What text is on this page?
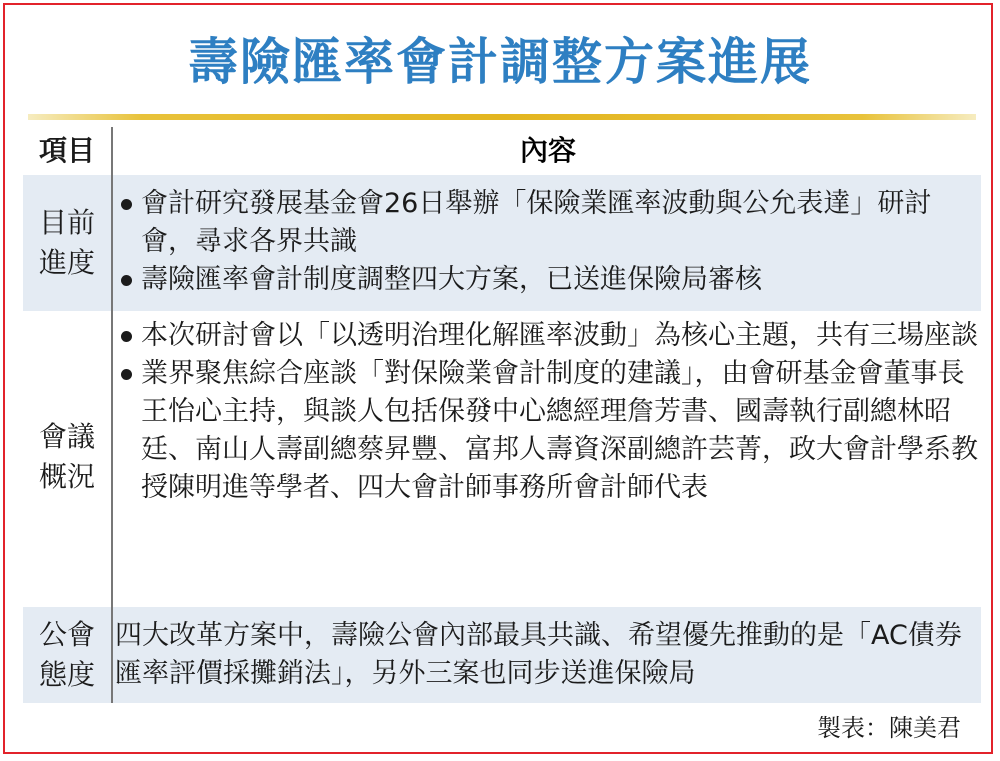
壽險匯率會計調整方案進展
項目	內容
目前進度
會計研究發展基金會26日舉辦「保險業匯率波動與公允表達」研討會，尋求各界共識
壽險匯率會計制度調整四大方案，已送進保險局審核
會議概況
本次研討會以「以透明治理化解匯率波動」為核心主題，共有三場座談
業界聚焦綜合座談「對保險業會計制度的建議」，由會研基金會董事長王怡心主持，與談人包括保發中心總經理詹芳書、國壽執行副總林昭廷、南山人壽副總蔡昇豐、富邦人壽資深副總許芸菁，政大會計學系教授陳明進等學者、四大會計師事務所會計師代表
公會態度
四大改革方案中，壽險公會內部最具共識、希望優先推動的是「AC債券匯率評價採攤銷法」，另外三案也同步送進保險局
製表：陳美君
